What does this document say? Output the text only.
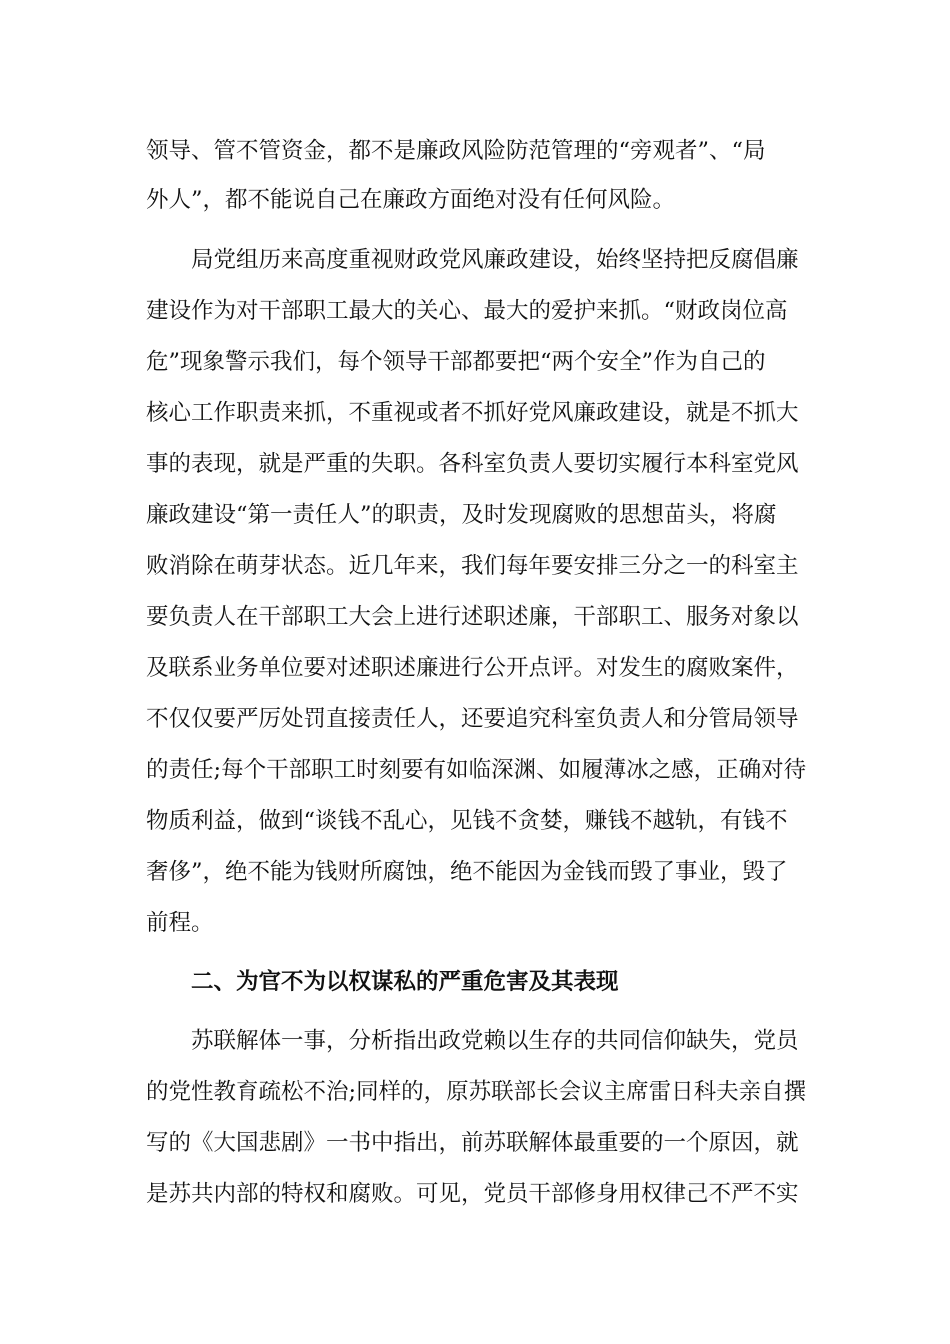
领导、管不管资金，都不是廉政风险防范管理的“旁观者”、“局

外人”，都不能说自己在廉政方面绝对没有任何风险。

局党组历来高度重视财政党风廉政建设，始终坚持把反腐倡廉

建设作为对干部职工最大的关心、最大的爱护来抓。“财政岗位高

危”现象警示我们，每个领导干部都要把“两个安全”作为自己的

核心工作职责来抓，不重视或者不抓好党风廉政建设，就是不抓大

事的表现，就是严重的失职。各科室负责人要切实履行本科室党风

廉政建设“第一责任人”的职责，及时发现腐败的思想苗头，将腐

败消除在萌芽状态。近几年来，我们每年要安排三分之一的科室主

要负责人在干部职工大会上进行述职述廉，干部职工、服务对象以

及联系业务单位要对述职述廉进行公开点评。对发生的腐败案件，

不仅仅要严厉处罚直接责任人，还要追究科室负责人和分管局领导

的责任;每个干部职工时刻要有如临深渊、如履薄冰之感，正确对待

物质利益，做到“谈钱不乱心，见钱不贪婪，赚钱不越轨，有钱不

奢侈”，绝不能为钱财所腐蚀，绝不能因为金钱而毁了事业，毁了

前程。

二、为官不为以权谋私的严重危害及其表现

苏联解体一事，分析指出政党赖以生存的共同信仰缺失，党员

的党性教育疏松不治;同样的，原苏联部长会议主席雷日科夫亲自撰

写的《大国悲剧》一书中指出，前苏联解体最重要的一个原因，就

是苏共内部的特权和腐败。可见，党员干部修身用权律己不严不实
